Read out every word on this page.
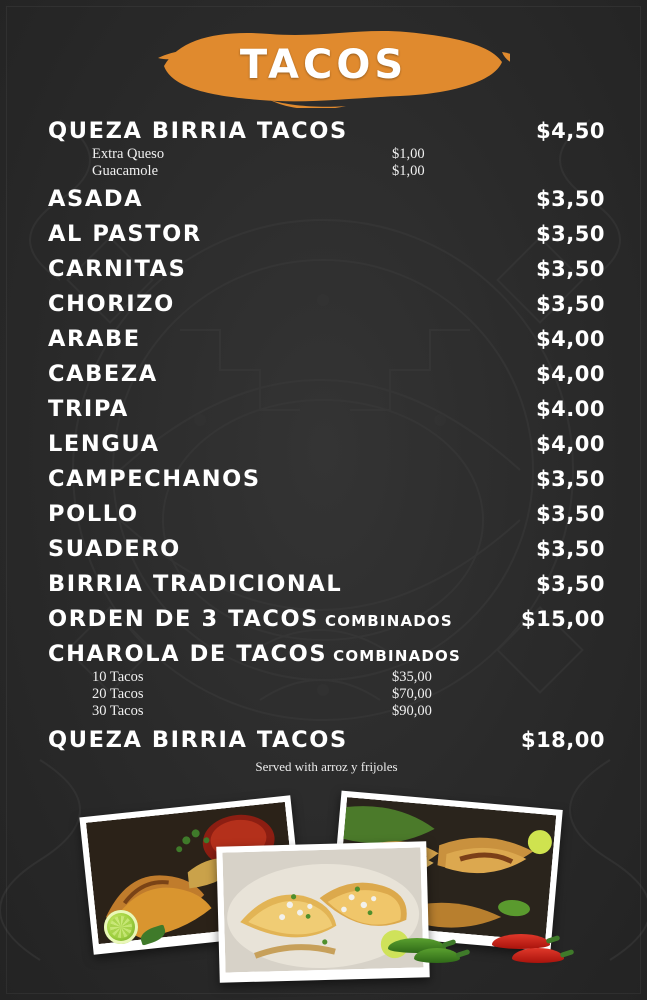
TACOS
QUEZA BIRRIA TACOS	$4,50
Extra Queso	$1,00
Guacamole	$1,00
ASADA	$3,50
AL PASTOR	$3,50
CARNITAS	$3,50
CHORIZO	$3,50
ARABE	$4,00
CABEZA	$4,00
TRIPA	$4.00
LENGUA	$4,00
CAMPECHANOS	$3,50
POLLO	$3,50
SUADERO	$3,50
BIRRIA TRADICIONAL	$3,50
ORDEN DE 3 TACOS COMBINADOS	$15,00
CHAROLA DE TACOS COMBINADOS
10 Tacos	$35,00
20 Tacos	$70,00
30 Tacos	$90,00
QUEZA BIRRIA TACOS	$18,00
Served with arroz y frijoles
